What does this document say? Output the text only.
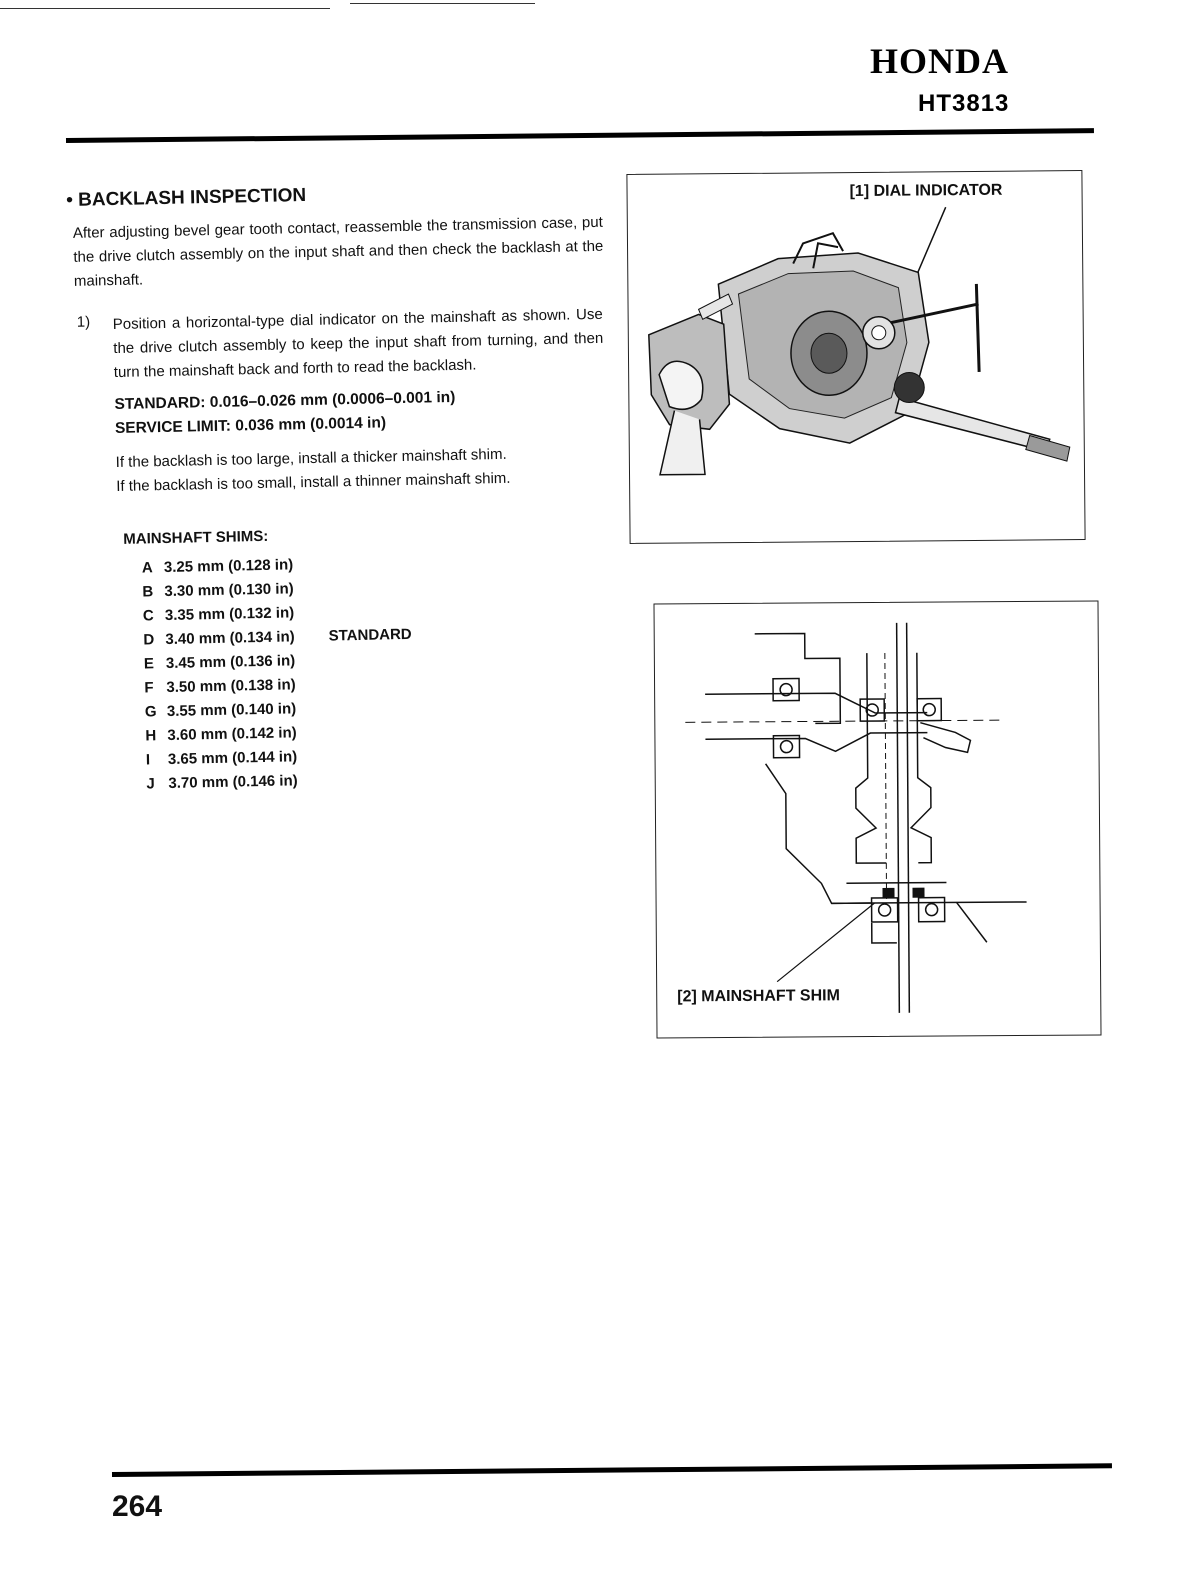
HONDA
HT3813
• BACKLASH INSPECTION
After adjusting bevel gear tooth contact, reassemble the transmission case, put the drive clutch assembly on the input shaft and then check the backlash at the mainshaft.
1) Position a horizontal-type dial indicator on the mainshaft as shown. Use the drive clutch assembly to keep the input shaft from turning, and then turn the mainshaft back and forth to read the backlash.
STANDARD: 0.016–0.026 mm (0.0006–0.001 in)
SERVICE LIMIT: 0.036 mm (0.0014 in)
If the backlash is too large, install a thicker mainshaft shim.
If the backlash is too small, install a thinner mainshaft shim.
MAINSHAFT SHIMS:
A 3.25 mm (0.128 in)
B 3.30 mm (0.130 in)
C 3.35 mm (0.132 in)
D 3.40 mm (0.134 in) STANDARD
E 3.45 mm (0.136 in)
F 3.50 mm (0.138 in)
G 3.55 mm (0.140 in)
H 3.60 mm (0.142 in)
I 3.65 mm (0.144 in)
J 3.70 mm (0.146 in)
[1] DIAL INDICATOR
[2] MAINSHAFT SHIM
264
